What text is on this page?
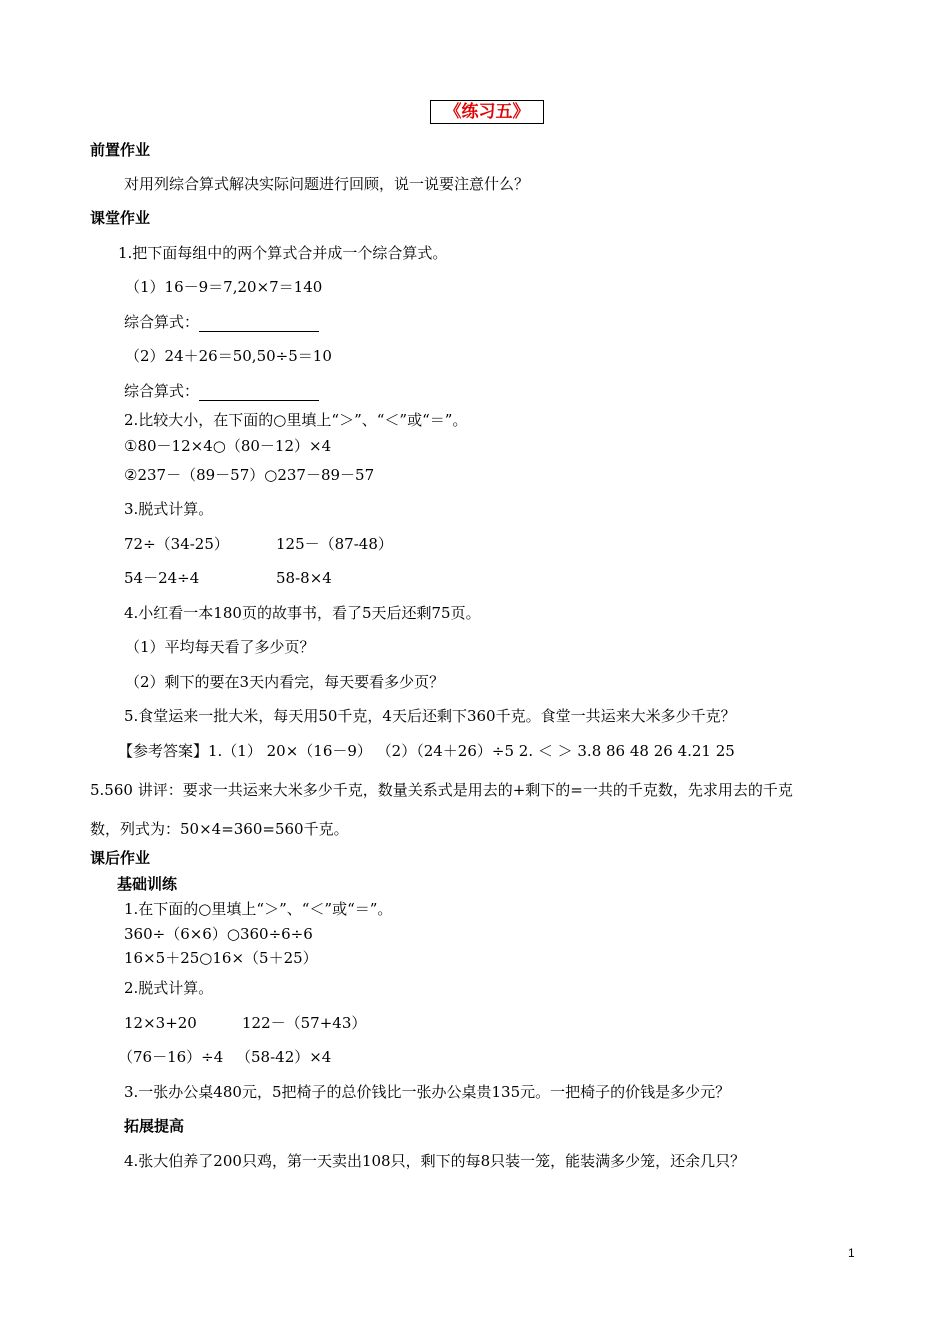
《练习五》
前置作业
对用列综合算式解决实际问题进行回顾，说一说要注意什么？
课堂作业
1.把下面每组中的两个算式合并成一个综合算式。
（1）16－9＝7,20×7＝140
综合算式：
（2）24＋26＝50,50÷5＝10
综合算式：
2.比较大小，在下面的○里填上“＞”、“＜”或“＝”。
①80－12×4○（80－12）×4
②237－（89－57）○237－89－57
3.脱式计算。
72÷（34-25）	125－（87-48）
54－24÷4	58-8×4
4.小红看一本180页的故事书，看了5天后还剩75页。
（1）平均每天看了多少页？
（2）剩下的要在3天内看完，每天要看多少页？
5.食堂运来一批大米，每天用50千克，4天后还剩下360千克。食堂一共运来大米多少千克？
【参考答案】1.（1） 20×（16－9） （2）（24＋26）÷5 2. ＜ ＞ 3.8 86 48 26 4.21 25
5.560 讲评：要求一共运来大米多少千克，数量关系式是用去的+剩下的=一共的千克数，先求用去的千克
数，列式为：50×4=360=560千克。
课后作业
基础训练
1.在下面的○里填上“＞”、“＜”或“＝”。
360÷（6×6）○360÷6÷6
16×5＋25○16×（5＋25）
2.脱式计算。
12×3+20	122－（57+43）
（76－16）÷4 （58-42）×4
3.一张办公桌480元，5把椅子的总价钱比一张办公桌贵135元。一把椅子的价钱是多少元？
拓展提高
4.张大伯养了200只鸡，第一天卖出108只，剩下的每8只装一笼，能装满多少笼，还余几只？
1
